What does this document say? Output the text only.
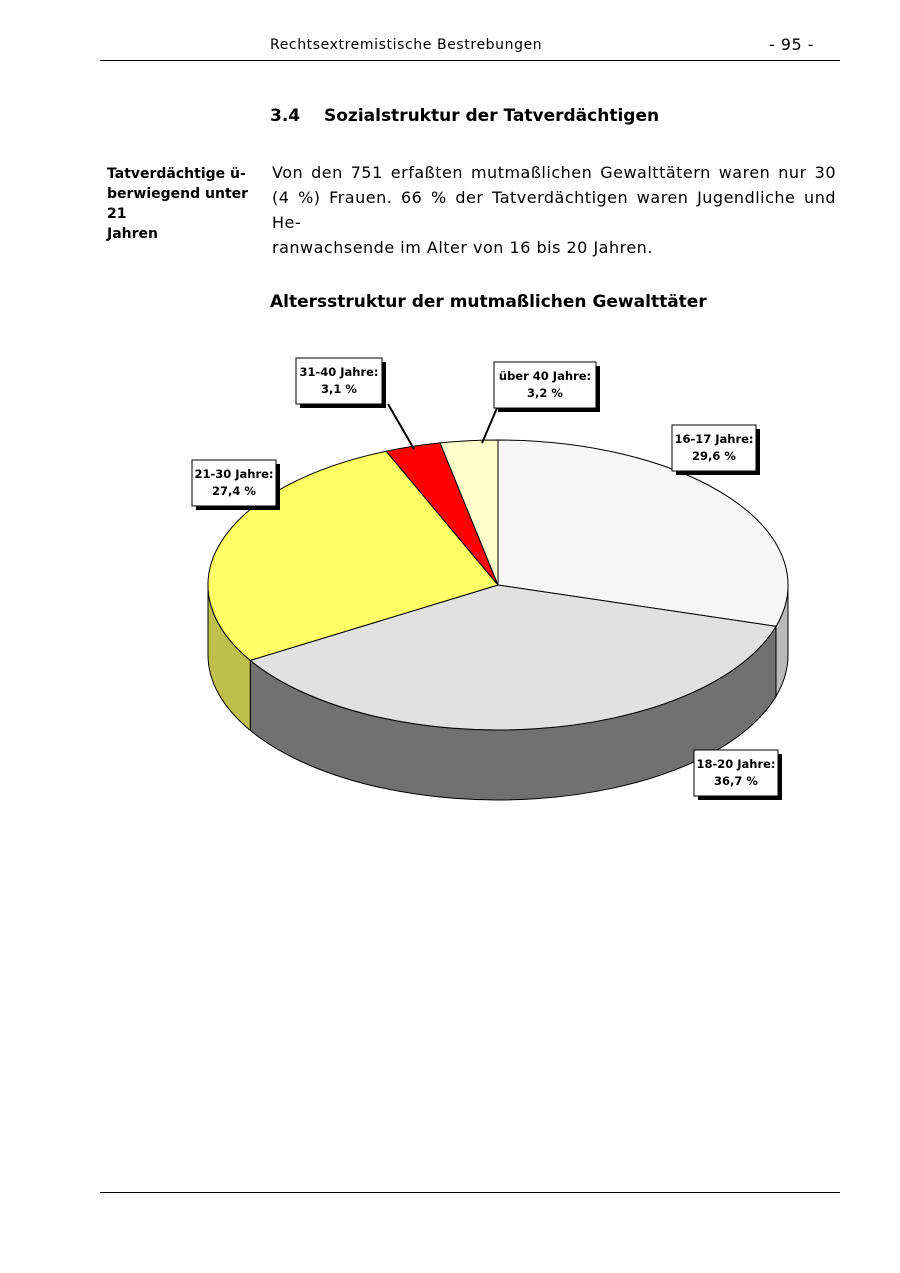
Rechtsextremistische Bestrebungen	- 95 -
3.4 Sozialstruktur der Tatverdächtigen
Tatverdächtige ü-
berwiegend unter 21
Jahren
Von den 751 erfaßten mutmaßlichen Gewalttätern waren nur 30
(4 %) Frauen. 66 % der Tatverdächtigen waren Jugendliche und He-
ranwachsende im Alter von 16 bis 20 Jahren.
Altersstruktur der mutmaßlichen Gewalttäter
16-17 Jahre:
29,6 %
18-20 Jahre:
36,7 %
21-30 Jahre:
27,4 %
31-40 Jahre:
3,1 %
über 40 Jahre:
3,2 %
